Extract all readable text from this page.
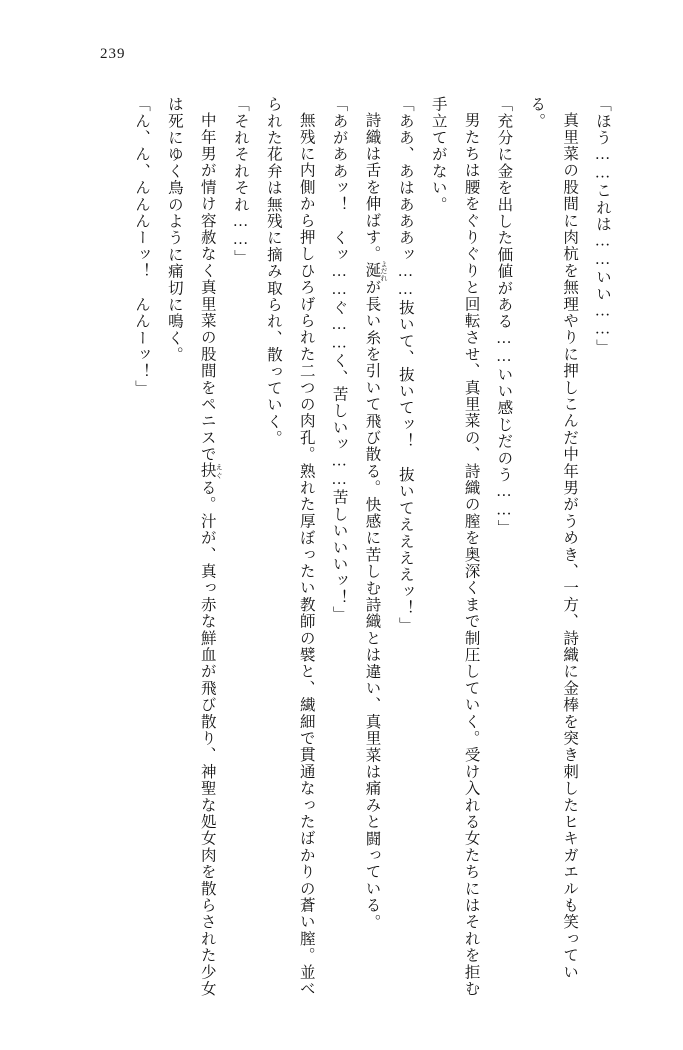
239

「ほう……これは……いい……」

真里菜の股間に肉杭を無理やりに押しこんだ中年男がうめき、一方、詩織に金棒を突き刺したヒキガエルも笑っている。

「充分に金を出した価値がある……いい感じだのう……」

男たちは腰をぐりぐりと回転させ、真里菜の、詩織の膣を奥深くまで制圧していく。受け入れる女たちにはそれを拒む手立てがない。

「ああ、あはあああッ……抜いて、抜いてッ！　抜いてええええッ！」

詩織は舌を伸ばす。涎 よだれが長い糸を引いて飛び散る。快感に苦しむ詩織とは違い、真里菜は痛みと闘っている。

「あがああッ！　くッ……ぐ……く、苦しいッ……苦しいいいッ！」

無残に内側から押しひろげられた二つの肉孔。熟れた厚ぼったい教師の襞と、繊細で貫通なったばかりの蒼い膣。並べられた花弁は無残に摘み取られ、散っていく。

「それそれそれ……」

中年男が情け容赦なく真里菜の股間をペニスで抉 えぐる。汁が、真っ赤な鮮血が飛び散り、神聖な処女肉を散らされた少女は死にゆく鳥のように痛切に鳴く。

「ん、ん、んんんーッ！　んんーッ！」
